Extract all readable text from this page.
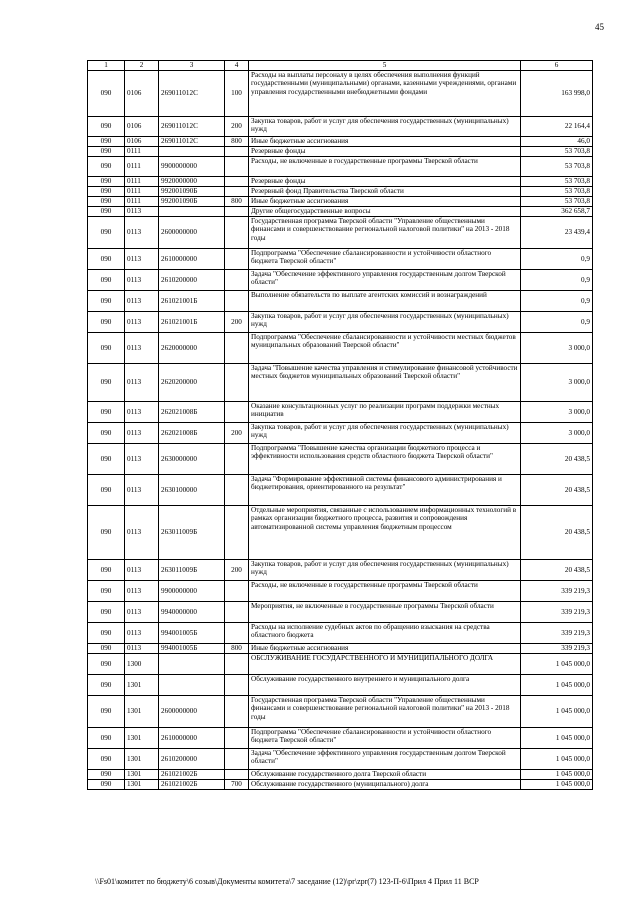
45
1	2	3	4	5	6
090	0106	269011012С	100	Расходы на выплаты персоналу в целях обеспечения выполнения функций государственными (муниципальными) органами, казенными учреждениями, органами управления государственными внебюджетными фондами	163 998,0
090	0106	269011012С	200	Закупка товаров, работ и услуг для обеспечения государственных (муниципальных) нужд	22 164,4
090	0106	269011012С	800	Иные бюджетные ассигнования	46,0
090	0111			Резервные фонды	53 703,8
090	0111	9900000000		Расходы, не включенные в государственные программы Тверской области	53 703,8
090	0111	9920000000		Резервные фонды	53 703,8
090	0111	992001090Б		Резервный фонд Правительства Тверской области	53 703,8
090	0111	992001090Б	800	Иные бюджетные ассигнования	53 703,8
090	0113			Другие общегосударственные вопросы	362 658,7
090	0113	2600000000		Государственная программа Тверской области "Управление общественными финансами и совершенствование региональной налоговой политики" на 2013 - 2018 годы	23 439,4
090	0113	2610000000		Подпрограмма "Обеспечение сбалансированности и устойчивости областного бюджета Тверской области"	0,9
090	0113	2610200000		Задача "Обеспечение эффективного управления государственным долгом Тверской области"	0,9
090	0113	261021001Б		Выполнение обязательств по выплате агентских комиссий и вознаграждений	0,9
090	0113	261021001Б	200	Закупка товаров, работ и услуг для обеспечения государственных (муниципальных) нужд	0,9
090	0113	2620000000		Подпрограмма "Обеспечение сбалансированности и устойчивости местных бюджетов муниципальных образований Тверской области"	3 000,0
090	0113	2620200000		Задача "Повышение качества управления и стимулирование финансовой устойчивости местных бюджетов муниципальных образований Тверской области"	3 000,0
090	0113	262021008Б		Оказание консультационных услуг по реализации программ поддержки местных инициатив	3 000,0
090	0113	262021008Б	200	Закупка товаров, работ и услуг для обеспечения государственных (муниципальных) нужд	3 000,0
090	0113	2630000000		Подпрограмма "Повышение качества организации бюджетного процесса и эффективности использования средств областного бюджета Тверской области"	20 438,5
090	0113	2630100000		Задача "Формирование эффективной системы финансового администрирования и бюджетирования, ориентированного на результат"	20 438,5
090	0113	263011009Б		Отдельные мероприятия, связанные с использованием информационных технологий в рамках организации бюджетного процесса, развития и сопровождения автоматизированной системы управления бюджетным процессом	20 438,5
090	0113	263011009Б	200	Закупка товаров, работ и услуг для обеспечения государственных (муниципальных) нужд	20 438,5
090	0113	9900000000		Расходы, не включенные в государственные программы Тверской области	339 219,3
090	0113	9940000000		Мероприятия, не включенные в государственные программы Тверской области	339 219,3
090	0113	994001005Б		Расходы на исполнение судебных актов по обращению взыскания на средства областного бюджета	339 219,3
090	0113	994001005Б	800	Иные бюджетные ассигнования	339 219,3
090	1300			ОБСЛУЖИВАНИЕ ГОСУДАРСТВЕННОГО И МУНИЦИПАЛЬНОГО ДОЛГА	1 045 000,0
090	1301			Обслуживание государственного внутреннего и муниципального долга	1 045 000,0
090	1301	2600000000		Государственная программа Тверской области "Управление общественными финансами и совершенствование региональной налоговой политики" на 2013 - 2018 годы	1 045 000,0
090	1301	2610000000		Подпрограмма "Обеспечение сбалансированности и устойчивости областного бюджета Тверской области"	1 045 000,0
090	1301	2610200000		Задача "Обеспечение эффективного управления государственным долгом Тверской области"	1 045 000,0
090	1301	261021002Б		Обслуживание государственного долга Тверской области	1 045 000,0
090	1301	261021002Б	700	Обслуживание государственного (муниципального) долга	1 045 000,0
\\Fs01\комитет по бюджету\6 созыв\Документы комитета\7 заседание (12)\pr\zpr(7) 123-П-6\Прил 4 Прил 11 ВСР
